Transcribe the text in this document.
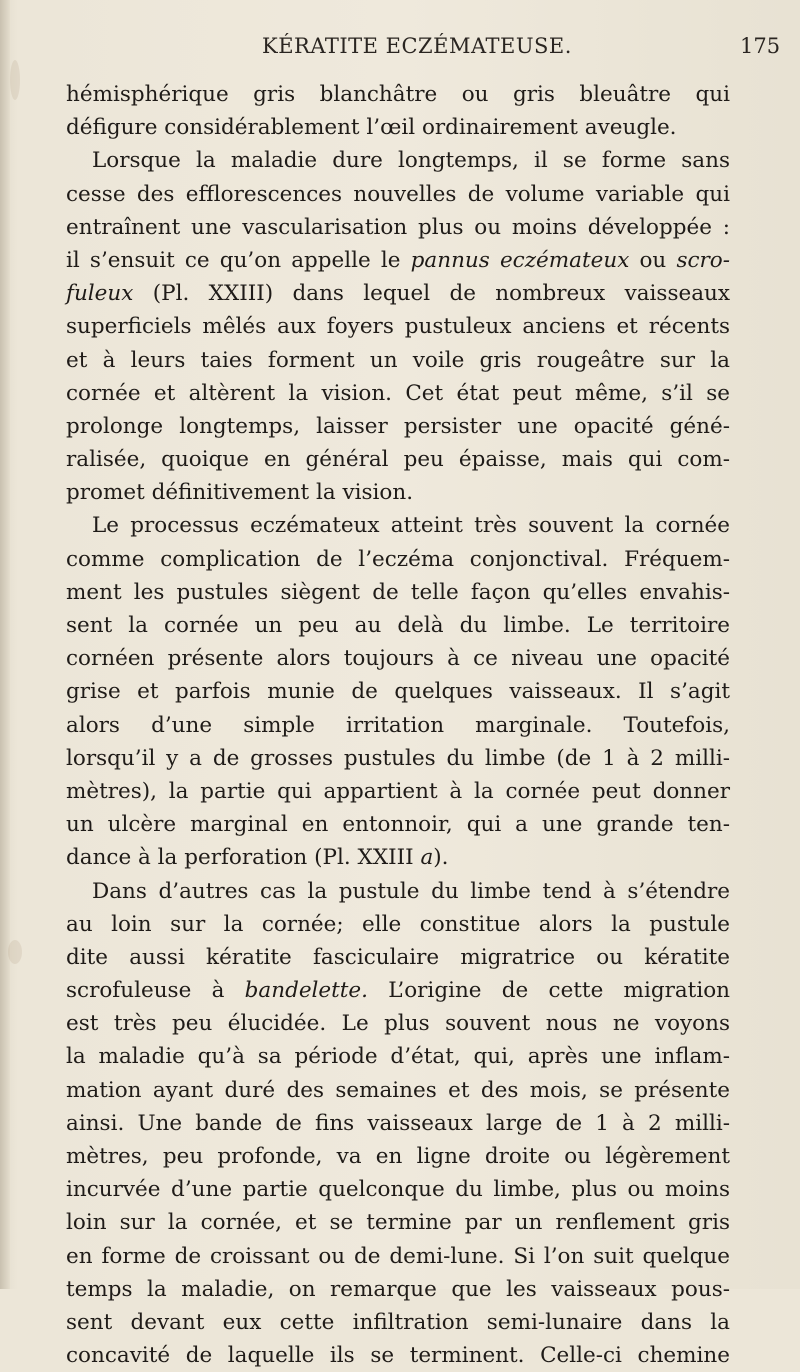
KÉRATITE ECZÉMATEUSE.	175
hémisphérique gris blanchâtre ou gris bleuâtre qui
défigure considérablement l’œil ordinairement aveugle.
Lorsque la maladie dure longtemps, il se forme sans
cesse des efflorescences nouvelles de volume variable qui
entraînent une vascularisation plus ou moins développée :
il s’ensuit ce qu’on appelle le pannus eczémateux ou scro-
fuleux (Pl. XXIII) dans lequel de nombreux vaisseaux
superficiels mêlés aux foyers pustuleux anciens et récents
et à leurs taies forment un voile gris rougeâtre sur la
cornée et altèrent la vision. Cet état peut même, s’il se
prolonge longtemps, laisser persister une opacité géné-
ralisée, quoique en général peu épaisse, mais qui com-
promet définitivement la vision.
Le processus eczémateux atteint très souvent la cornée
comme complication de l’eczéma conjonctival. Fréquem-
ment les pustules siègent de telle façon qu’elles envahis-
sent la cornée un peu au delà du limbe. Le territoire
cornéen présente alors toujours à ce niveau une opacité
grise et parfois munie de quelques vaisseaux. Il s’agit
alors d’une simple irritation marginale. Toutefois,
lorsqu’il y a de grosses pustules du limbe (de 1 à 2 milli-
mètres), la partie qui appartient à la cornée peut donner
un ulcère marginal en entonnoir, qui a une grande ten-
dance à la perforation (Pl. XXIII a).
Dans d’autres cas la pustule du limbe tend à s’étendre
au loin sur la cornée; elle constitue alors la pustule
dite aussi kératite fasciculaire migratrice ou kératite
scrofuleuse à bandelette. L’origine de cette migration
est très peu élucidée. Le plus souvent nous ne voyons
la maladie qu’à sa période d’état, qui, après une inflam-
mation ayant duré des semaines et des mois, se présente
ainsi. Une bande de fins vaisseaux large de 1 à 2 milli-
mètres, peu profonde, va en ligne droite ou légèrement
incurvée d’une partie quelconque du limbe, plus ou moins
loin sur la cornée, et se termine par un renflement gris
en forme de croissant ou de demi-lune. Si l’on suit quelque
temps la maladie, on remarque que les vaisseaux pous-
sent devant eux cette infiltration semi-lunaire dans la
concavité de laquelle ils se terminent. Celle-ci chemine
